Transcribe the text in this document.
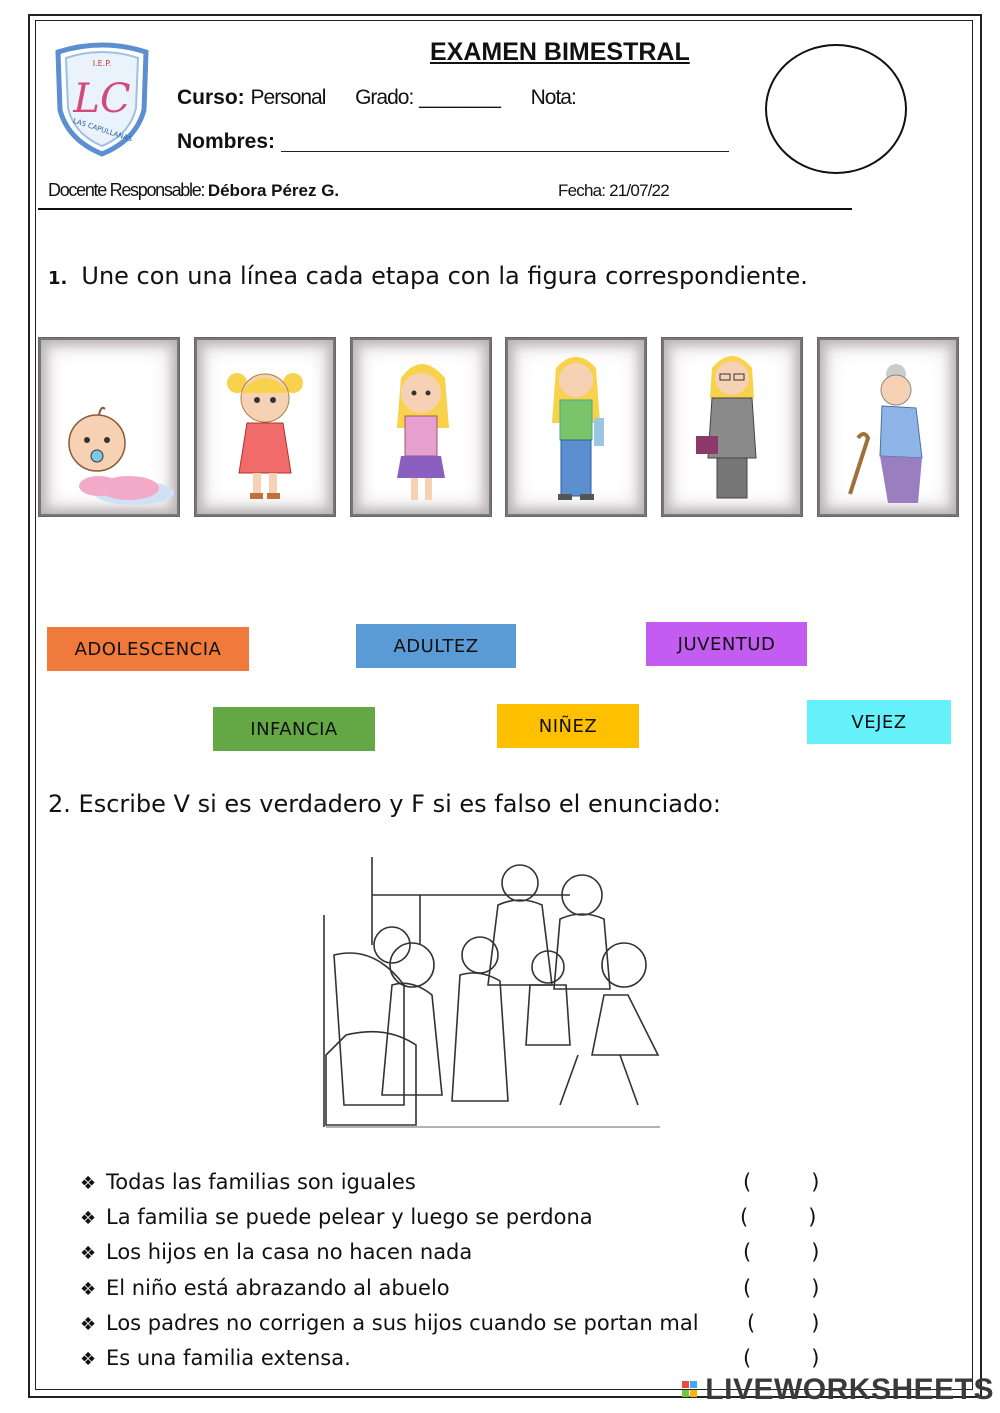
I.E.P.
LC
LAS CAPULLANAS
EXAMEN BIMESTRAL
Curso: Personal Grado: _______ Nota:
Nombres:
Docente Responsable: Débora Pérez G.	Fecha: 21/07/22
1. Une con una línea cada etapa con la figura correspondiente.
ADOLESCENCIA	ADULTEZ	JUVENTUD
INFANCIA	NIÑEZ	VEJEZ
2. Escribe V si es verdadero y F si es falso el enunciado:
❖ Todas las familias son iguales
❖ La familia se puede pelear y luego se perdona
❖ Los hijos en la casa no hacen nada
❖ El niño está abrazando al abuelo
❖ Los padres no corrigen a sus hijos cuando se portan mal
❖ Es una familia extensa.
(	)
(	)
(	)
(	)
(	)
(	)
LIVEWORKSHEETS
